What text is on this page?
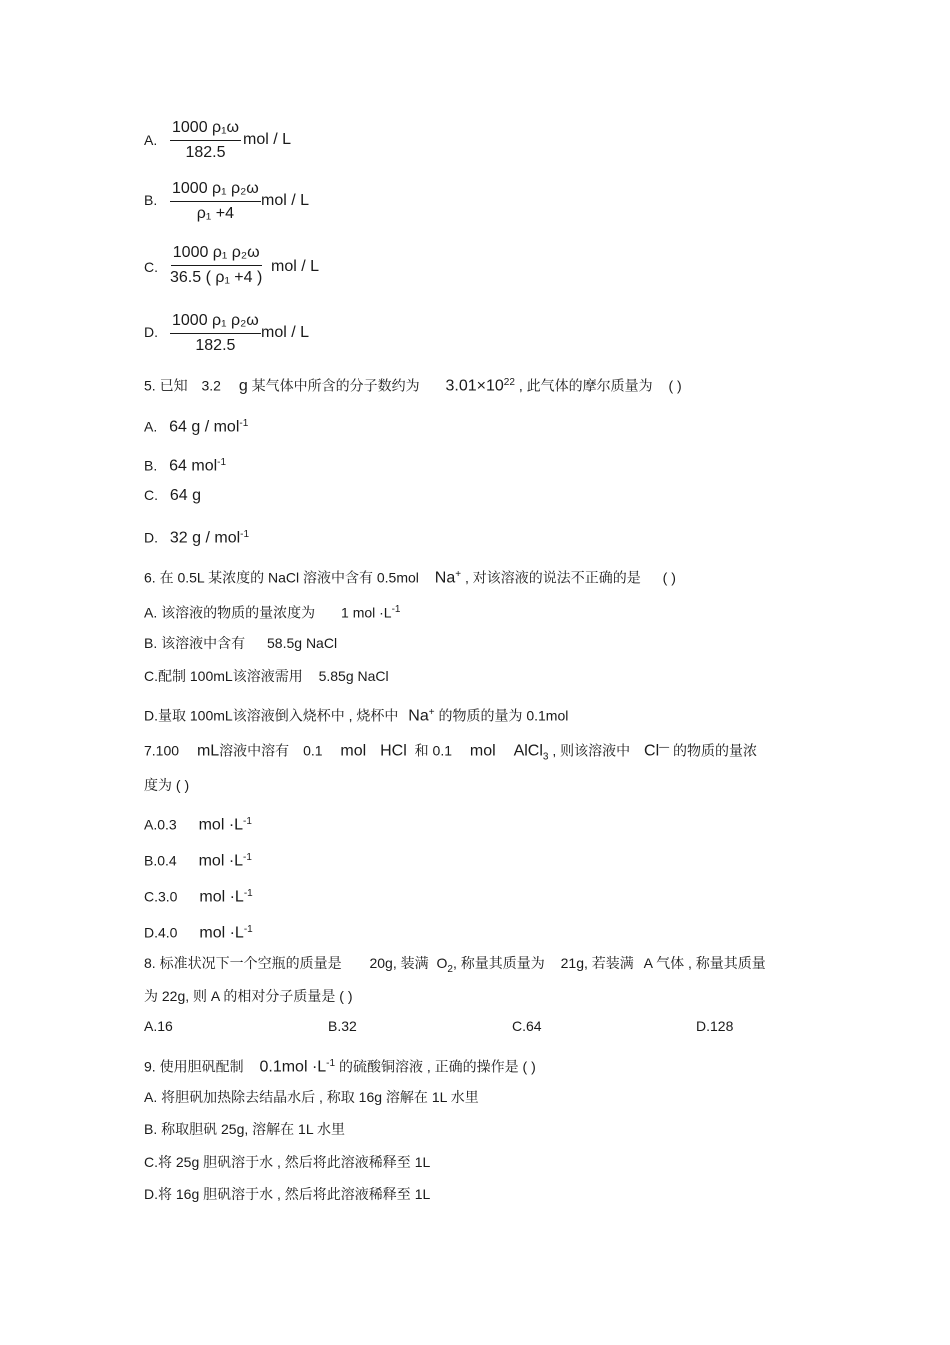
A. $\frac{\text{1000 ρ₁ω}}{182.5}$ mol / L
B. $\frac{\text{1000 ρ₁ ρ₂ω}}{\text{ρ₁ +4}}$ mol / L
C. $\frac{\text{1000 ρ₁ ρ₂ω}}{\text{36.5 ( ρ₁ +4 )}}$ mol / L
D. $\frac{\text{1000 ρ₁ ρ₂ω}}{182.5}$ mol / L
5. 已知 3.2 g 某气体中所含的分子数约为 $3.01\times 10^{22}$ , 此气体的摩尔质量为 ( )
A. 64 g / mol$^{-1}$
B. 64 mol$^{-1}$
C. 64 g
D. 32 g / mol$^{-1}$
6. 在 0.5L 某浓度的 NaCl 溶液中含有 0.5mol Na+ , 对该溶液的说法不正确的是 ( )
A. 该溶液的物质的量浓度为 1 mol $\cdot L^{-1}$
B. 该溶液中含有 58.5g NaCl
C.配制 100mL该溶液需用 5.85g NaCl
D.量取 100mL该溶液倒入烧杯中 , 烧杯中 Na+ 的物质的量为 0.1mol
7.100 mL溶液中溶有 0.1 mol HCl 和 0.1 mol AlCl$_3$ , 则该溶液中 Cl— 的物质的量浓
度为 ( )
A.0.3 mol $\cdot L^{-1}$
B.0.4 mol $\cdot L^{-1}$
C.3.0 mol $\cdot L^{-1}$
D.4.0 mol $\cdot L^{-1}$
8. 标准状况下一个空瓶的质量是 20g, 装满 $O_2$, 称量其质量为 21g, 若装满 A 气体 , 称量其质量
为 22g, 则 A 的相对分子质量是 ( )
A.16	B.32	C.64	D.128
9. 使用胆矾配制 $0.1mol \cdot L^{-1}$ 的硫酸铜溶液 , 正确的操作是 ( )
A. 将胆矾加热除去结晶水后 , 称取 16g 溶解在 1L 水里
B. 称取胆矾 25g, 溶解在 1L 水里
C.将 25g 胆矾溶于水 , 然后将此溶液稀释至 1L
D.将 16g 胆矾溶于水 , 然后将此溶液稀释至 1L
